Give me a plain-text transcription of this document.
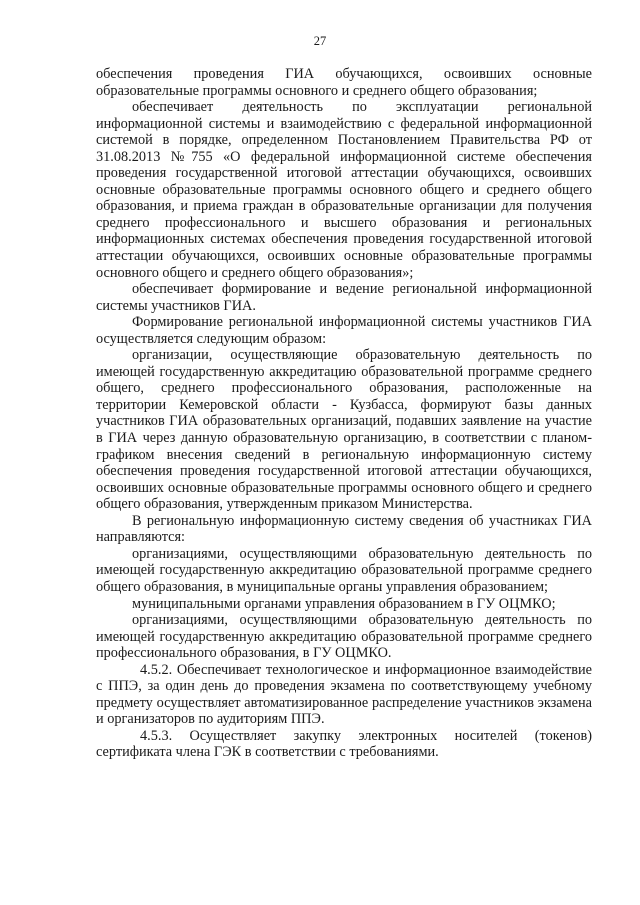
27

обеспечения проведения ГИА обучающихся, освоивших основные образовательные программы основного и среднего общего образования;

обеспечивает деятельность по эксплуатации региональной информационной системы и взаимодействию с федеральной информационной системой в порядке, определенном Постановлением Правительства РФ от 31.08.2013 №755 «О федеральной информационной системе обеспечения проведения государственной итоговой аттестации обучающихся, освоивших основные образовательные программы основного общего и среднего общего образования, и приема граждан в образовательные организации для получения среднего профессионального и высшего образования и региональных информационных системах обеспечения проведения государственной итоговой аттестации обучающихся, освоивших основные образовательные программы основного общего и среднего общего образования»;

обеспечивает формирование и ведение региональной информационной системы участников ГИА.

Формирование региональной информационной системы участников ГИА осуществляется следующим образом:

организации, осуществляющие образовательную деятельность по имеющей государственную аккредитацию образовательной программе среднего общего, среднего профессионального образования, расположенные на территории Кемеровской области - Кузбасса, формируют базы данных участников ГИА образовательных организаций, подавших заявление на участие в ГИА через данную образовательную организацию, в соответствии с планом-графиком внесения сведений в региональную информационную систему обеспечения проведения государственной итоговой аттестации обучающихся, освоивших основные образовательные программы основного общего и среднего общего образования, утвержденным приказом Министерства.

В региональную информационную систему сведения об участниках ГИА направляются:

организациями, осуществляющими образовательную деятельность по имеющей государственную аккредитацию образовательной программе среднего общего образования, в муниципальные органы управления образованием;

муниципальными органами управления образованием в ГУ ОЦМКО;

организациями, осуществляющими образовательную деятельность по имеющей государственную аккредитацию образовательной программе среднего профессионального образования, в ГУ ОЦМКО.

4.5.2. Обеспечивает технологическое и информационное взаимодействие с ППЭ, за один день до проведения экзамена по соответствующему учебному предмету осуществляет автоматизированное распределение участников экзамена и организаторов по аудиториям ППЭ.

4.5.3. Осуществляет закупку электронных носителей (токенов) сертификата члена ГЭК в соответствии с требованиями.
